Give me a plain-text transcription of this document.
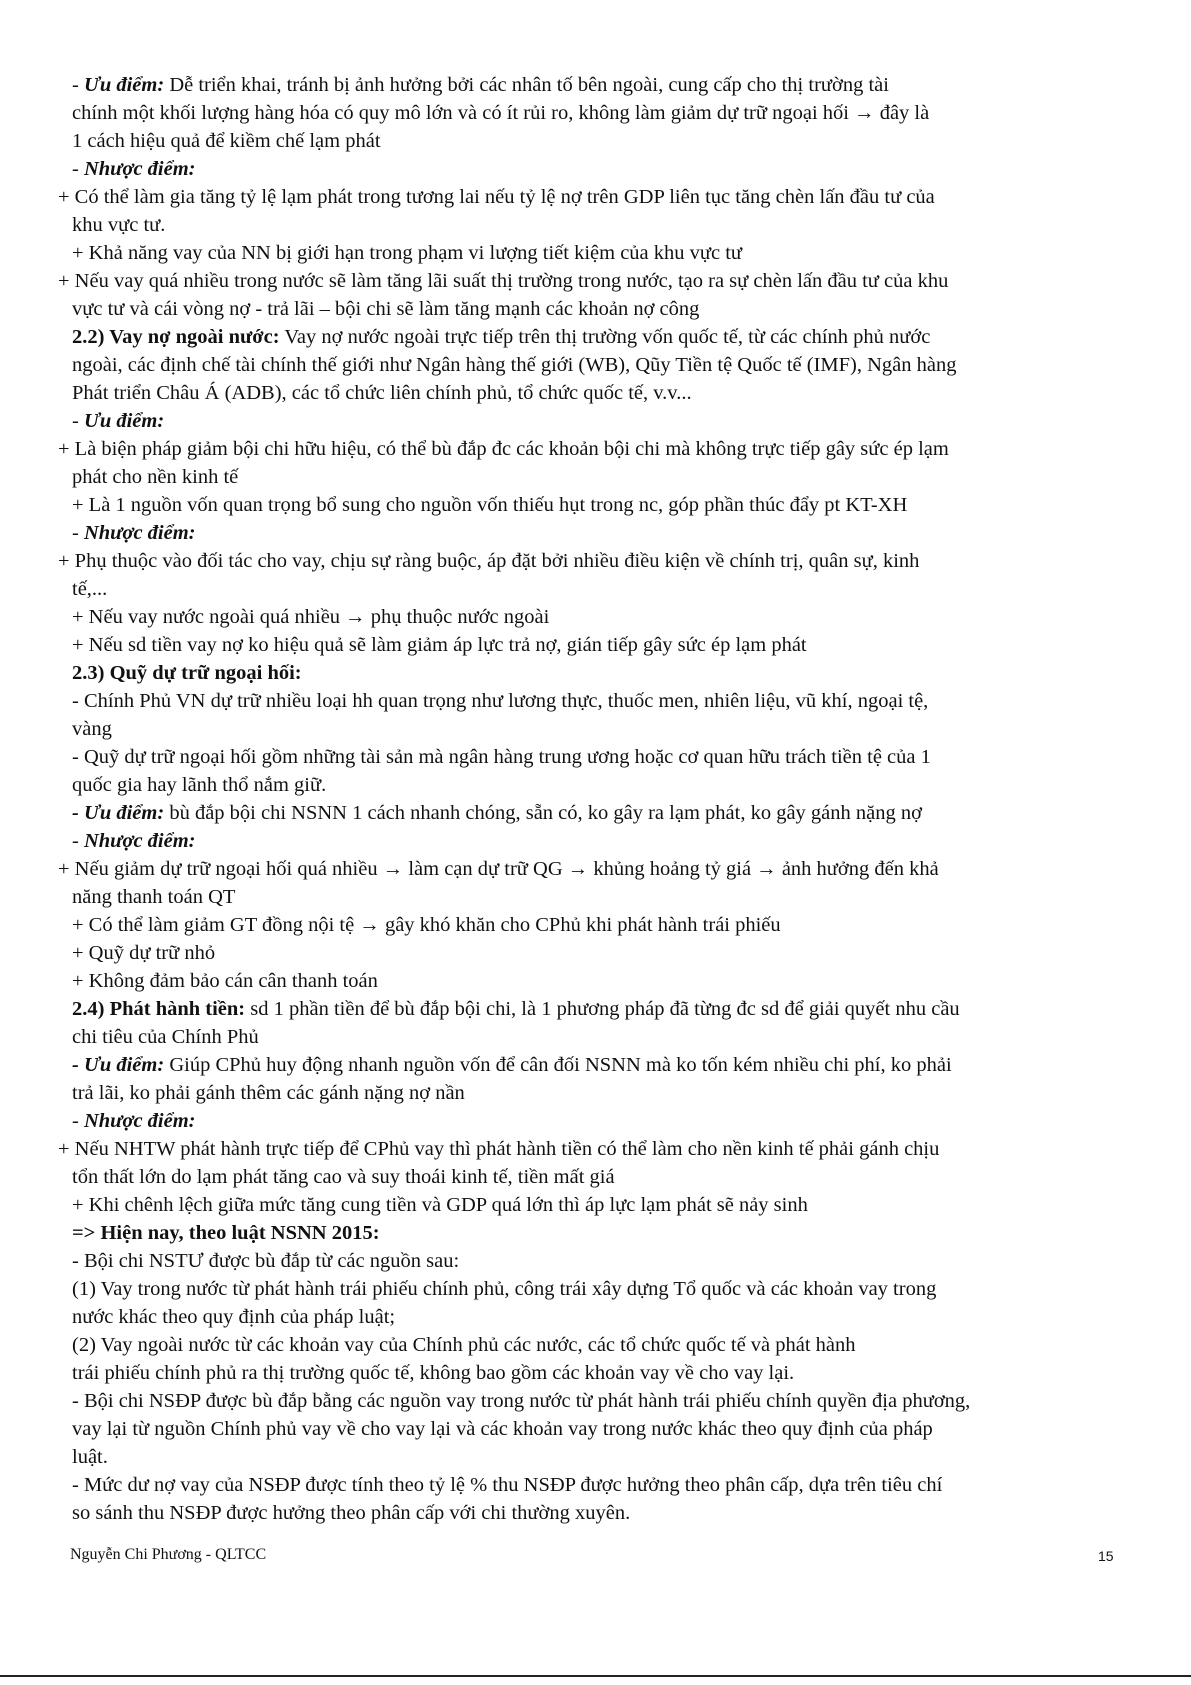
- Ưu điểm: Dễ triển khai, tránh bị ảnh hưởng bởi các nhân tố bên ngoài, cung cấp cho thị trường tài
chính một khối lượng hàng hóa có quy mô lớn và có ít rủi ro, không làm giảm dự trữ ngoại hối → đây là
1 cách hiệu quả để kiềm chế lạm phát
- Nhược điểm:
+ Có thể làm gia tăng tỷ lệ lạm phát trong tương lai nếu tỷ lệ nợ trên GDP liên tục tăng chèn lấn đầu tư của
khu vực tư.
+ Khả năng vay của NN bị giới hạn trong phạm vi lượng tiết kiệm của khu vực tư
+ Nếu vay quá nhiều trong nước sẽ làm tăng lãi suất thị trường trong nước, tạo ra sự chèn lấn đầu tư của khu
vực tư và cái vòng nợ - trả lãi – bội chi sẽ làm tăng mạnh các khoản nợ công
2.2) Vay nợ ngoài nước: Vay nợ nước ngoài trực tiếp trên thị trường vốn quốc tế, từ các chính phủ nước
ngoài, các định chế tài chính thế giới như Ngân hàng thế giới (WB), Qũy Tiền tệ Quốc tế (IMF), Ngân hàng
Phát triển Châu Á (ADB), các tổ chức liên chính phủ, tổ chức quốc tế, v.v...
- Ưu điểm:
+ Là biện pháp giảm bội chi hữu hiệu, có thể bù đắp đc các khoản bội chi mà không trực tiếp gây sức ép lạm
phát cho nền kinh tế
+ Là 1 nguồn vốn quan trọng bổ sung cho nguồn vốn thiếu hụt trong nc, góp phần thúc đẩy pt KT-XH
- Nhược điểm:
+ Phụ thuộc vào đối tác cho vay, chịu sự ràng buộc, áp đặt bởi nhiều điều kiện về chính trị, quân sự, kinh
tế,...
+ Nếu vay nước ngoài quá nhiều → phụ thuộc nước ngoài
+ Nếu sd tiền vay nợ ko hiệu quả sẽ làm giảm áp lực trả nợ, gián tiếp gây sức ép lạm phát
2.3) Quỹ dự trữ ngoại hối:
- Chính Phủ VN dự trữ nhiều loại hh quan trọng như lương thực, thuốc men, nhiên liệu, vũ khí, ngoại tệ,
vàng
- Quỹ dự trữ ngoại hối gồm những tài sản mà ngân hàng trung ương hoặc cơ quan hữu trách tiền tệ của 1
quốc gia hay lãnh thổ nắm giữ.
- Ưu điểm: bù đắp bội chi NSNN 1 cách nhanh chóng, sẵn có, ko gây ra lạm phát, ko gây gánh nặng nợ
- Nhược điểm:
+ Nếu giảm dự trữ ngoại hối quá nhiều → làm cạn dự trữ QG → khủng hoảng tỷ giá → ảnh hưởng đến khả
năng thanh toán QT
+ Có thể làm giảm GT đồng nội tệ → gây khó khăn cho CPhủ khi phát hành trái phiếu
+ Quỹ dự trữ nhỏ
+ Không đảm bảo cán cân thanh toán
2.4) Phát hành tiền: sd 1 phần tiền để bù đắp bội chi, là 1 phương pháp đã từng đc sd để giải quyết nhu cầu
chi tiêu của Chính Phủ
- Ưu điểm: Giúp CPhủ huy động nhanh nguồn vốn để cân đối NSNN mà ko tốn kém nhiều chi phí, ko phải
trả lãi, ko phải gánh thêm các gánh nặng nợ nần
- Nhược điểm:
+ Nếu NHTW phát hành trực tiếp để CPhủ vay thì phát hành tiền có thể làm cho nền kinh tế phải gánh chịu
tổn thất lớn do lạm phát tăng cao và suy thoái kinh tế, tiền mất giá
+ Khi chênh lệch giữa mức tăng cung tiền và GDP quá lớn thì áp lực lạm phát sẽ nảy sinh
=> Hiện nay, theo luật NSNN 2015:
- Bội chi NSTƯ được bù đắp từ các nguồn sau:
(1) Vay trong nước từ phát hành trái phiếu chính phủ, công trái xây dựng Tổ quốc và các khoản vay trong
nước khác theo quy định của pháp luật;
(2) Vay ngoài nước từ các khoản vay của Chính phủ các nước, các tổ chức quốc tế và phát hành
trái phiếu chính phủ ra thị trường quốc tế, không bao gồm các khoản vay về cho vay lại.
- Bội chi NSĐP được bù đắp bằng các nguồn vay trong nước từ phát hành trái phiếu chính quyền địa phương,
vay lại từ nguồn Chính phủ vay về cho vay lại và các khoản vay trong nước khác theo quy định của pháp
luật.
- Mức dư nợ vay của NSĐP được tính theo tỷ lệ % thu NSĐP được hưởng theo phân cấp, dựa trên tiêu chí
so sánh thu NSĐP được hưởng theo phân cấp với chi thường xuyên.
Nguyễn Chi Phương - QLTCC	15
